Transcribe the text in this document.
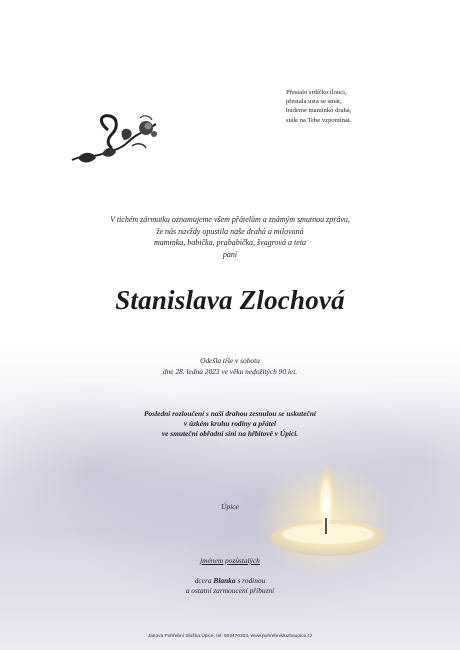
Přestalo srdíčko tlouci,
přestala ústa se smát,
budeme maminko drahá,
stále na Tebe vzpomínat.
V tichém zármutku oznamujeme všem přátelům a známým smutnou zprávu,
že nás navždy opustila naše drahá a milovaná
maminka, babička, prababička, švagrová a teta
paní
Stanislava Zlochová
Odešla tiše v sobotu
dne 28. ledna 2023 ve věku nedožitých 90 let.
Poslední rozloučení s naší drahou zesnulou se uskuteční
v úzkém kruhu rodiny a přátel
ve smuteční obřadní síni na hřbitově v Úpici.
Úpice
jménem pozůstalých
dcera Blanka s rodinou
a ostatní zarmoucení příbuzní
Janova Pohřební Služba Úpice, tel: 603470303, www.pohrebnisluzbaupice.cz
